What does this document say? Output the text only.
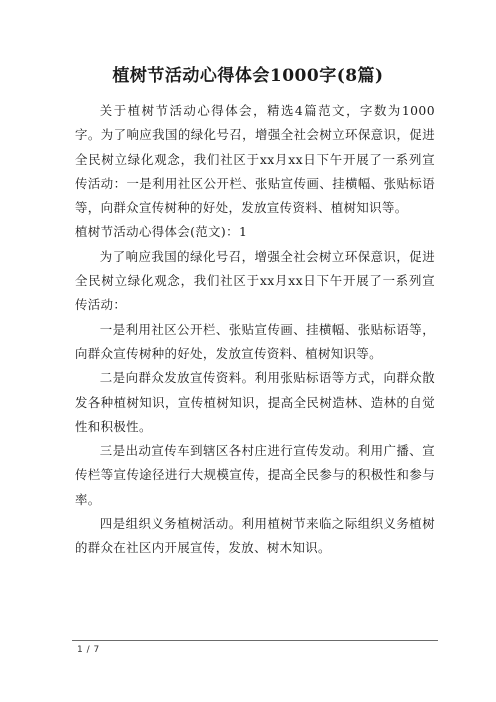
植树节活动心得体会1000字(8篇)

关于植树节活动心得体会，精选4篇范文，字数为1000字。为了响应我国的绿化号召，增强全社会树立环保意识，促进全民树立绿化观念，我们社区于xx月xx日下午开展了一系列宣传活动：一是利用社区公开栏、张贴宣传画、挂横幅、张贴标语等，向群众宣传树种的好处，发放宣传资料、植树知识等。

植树节活动心得体会(范文)：1

为了响应我国的绿化号召，增强全社会树立环保意识，促进全民树立绿化观念，我们社区于xx月xx日下午开展了一系列宣传活动：

一是利用社区公开栏、张贴宣传画、挂横幅、张贴标语等，向群众宣传树种的好处，发放宣传资料、植树知识等。

二是向群众发放宣传资料。利用张贴标语等方式，向群众散发各种植树知识，宣传植树知识，提高全民树造林、造林的自觉性和积极性。

三是出动宣传车到辖区各村庄进行宣传发动。利用广播、宣传栏等宣传途径进行大规模宣传，提高全民参与的积极性和参与率。

四是组织义务植树活动。利用植树节来临之际组织义务植树的群众在社区内开展宣传，发放、树木知识。

1 / 7
